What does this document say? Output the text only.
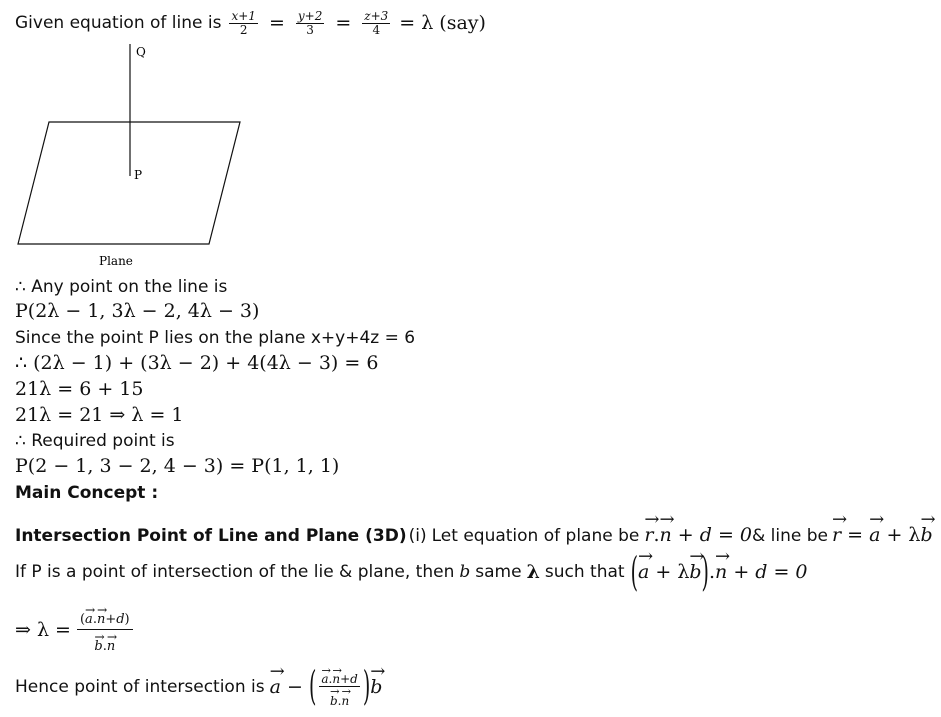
Given equation of line is $\frac{x+1}{2} = \frac{y+2}{3} = \frac{z+3}{4} = \lambda$ (say)
Q
P
Plane
∴ Any point on the line is
P(2λ − 1, 3λ − 2, 4λ − 3)
Since the point P lies on the plane x+y+4z = 6
∴ (2λ − 1) + (3λ − 2) + 4(4λ − 3) = 6
21λ = 6 + 15
21λ = 21 ⇒ λ = 1
∴ Required point is
P(2 − 1, 3 − 2, 4 − 3) = P(1, 1, 1)
Main Concept :
Intersection Point of Line and Plane (3D) (i) Let equation of plane be → r.→ n + d = 0 & line be → r = → a + λ→ b
If P is a point of intersection of the lie & plane, then b same λ such that (→ a + λ→ b).→ n + d = 0
⇒ λ = (→ a.→ n+d)
→ b.→ n
Hence point of intersection is → a − ( → a.→ n+d
→ b.→ n ) → b
